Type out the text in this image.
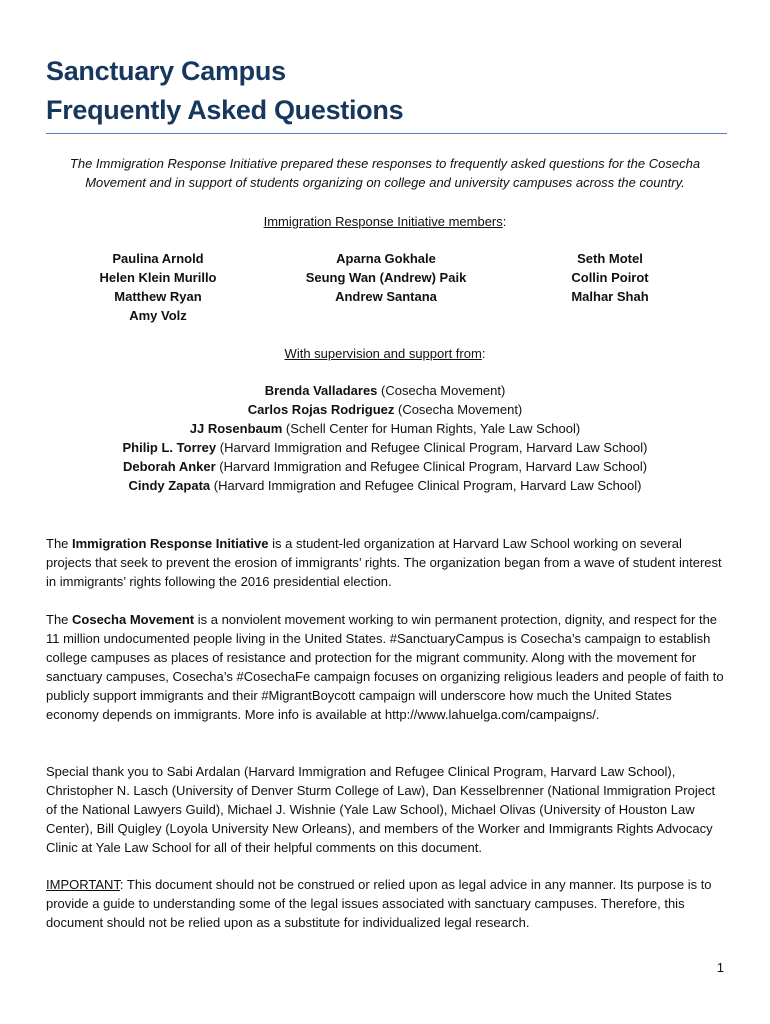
Sanctuary Campus
Frequently Asked Questions
The Immigration Response Initiative prepared these responses to frequently asked questions for the Cosecha Movement and in support of students organizing on college and university campuses across the country.
Immigration Response Initiative members:
Paulina Arnold
Helen Klein Murillo
Matthew Ryan
Amy Volz
Aparna Gokhale
Seung Wan (Andrew) Paik
Andrew Santana
Seth Motel
Collin Poirot
Malhar Shah
With supervision and support from:
Brenda Valladares (Cosecha Movement)
Carlos Rojas Rodriguez (Cosecha Movement)
JJ Rosenbaum (Schell Center for Human Rights, Yale Law School)
Philip L. Torrey (Harvard Immigration and Refugee Clinical Program, Harvard Law School)
Deborah Anker (Harvard Immigration and Refugee Clinical Program, Harvard Law School)
Cindy Zapata (Harvard Immigration and Refugee Clinical Program, Harvard Law School)
The Immigration Response Initiative is a student-led organization at Harvard Law School working on several projects that seek to prevent the erosion of immigrants’ rights. The organization began from a wave of student interest in immigrants’ rights following the 2016 presidential election.
The Cosecha Movement is a nonviolent movement working to win permanent protection, dignity, and respect for the 11 million undocumented people living in the United States. #SanctuaryCampus is Cosecha’s campaign to establish college campuses as places of resistance and protection for the migrant community. Along with the movement for sanctuary campuses, Cosecha’s #CosechaFe campaign focuses on organizing religious leaders and people of faith to publicly support immigrants and their #MigrantBoycott campaign will underscore how much the United States economy depends on immigrants. More info is available at http://www.lahuelga.com/campaigns/.
Special thank you to Sabi Ardalan (Harvard Immigration and Refugee Clinical Program, Harvard Law School), Christopher N. Lasch (University of Denver Sturm College of Law), Dan Kesselbrenner (National Immigration Project of the National Lawyers Guild), Michael J. Wishnie (Yale Law School), Michael Olivas (University of Houston Law Center), Bill Quigley (Loyola University New Orleans), and members of the Worker and Immigrants Rights Advocacy Clinic at Yale Law School for all of their helpful comments on this document.
IMPORTANT: This document should not be construed or relied upon as legal advice in any manner. Its purpose is to provide a guide to understanding some of the legal issues associated with sanctuary campuses. Therefore, this document should not be relied upon as a substitute for individualized legal research.
1
